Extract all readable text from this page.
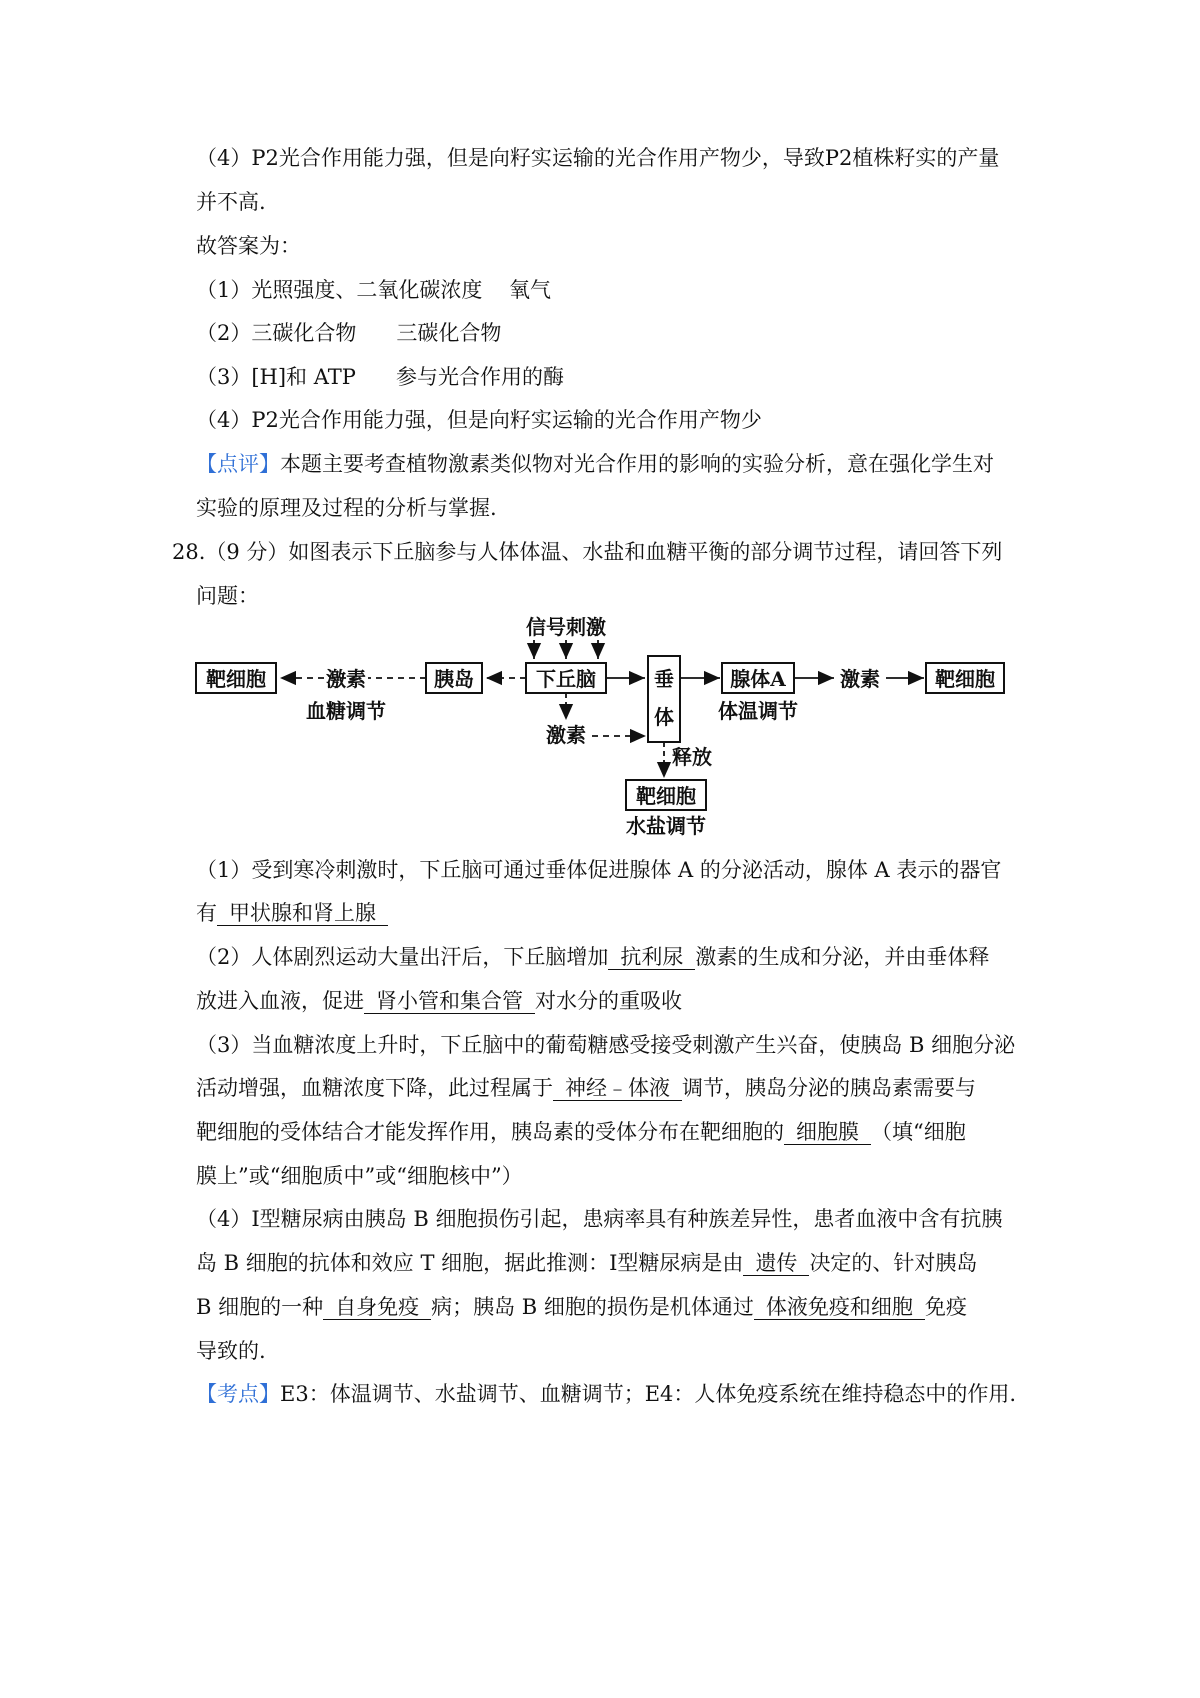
（4）P2光合作用能力强，但是向籽实运输的光合作用产物少，导致P2植株籽实的产量
并不高.
故答案为：
（1）光照强度、二氧化碳浓度    氧气
（2）三碳化合物      三碳化合物
（3）[H]和 ATP      参与光合作用的酶
（4）P2光合作用能力强，但是向籽实运输的光合作用产物少
【点评】本题主要考查植物激素类似物对光合作用的影响的实验分析，意在强化学生对
实验的原理及过程的分析与掌握.
28.（9 分）如图表示下丘脑参与人体体温、水盐和血糖平衡的部分调节过程，请回答下列
问题：
靶细胞	激素
血糖调节
胰岛
信号刺激
下丘脑
激素
垂
体
释放
靶细胞
水盐调节
腺体A
体温调节
激素	靶细胞
（1）受到寒冷刺激时，下丘脑可通过垂体促进腺体 A 的分泌活动，腺体 A 表示的器官
有 甲状腺和肾上腺
（2）人体剧烈运动大量出汗后，下丘脑增加 抗利尿 激素的生成和分泌，并由垂体释
放进入血液，促进 肾小管和集合管 对水分的重吸收
（3）当血糖浓度上升时，下丘脑中的葡萄糖感受接受刺激产生兴奋，使胰岛 B 细胞分泌
活动增强，血糖浓度下降，此过程属于 神经﹣体液 调节，胰岛分泌的胰岛素需要与
靶细胞的受体结合才能发挥作用，胰岛素的受体分布在靶细胞的 细胞膜 （填“细胞
膜上”或“细胞质中”或“细胞核中”）
（4）Ⅰ型糖尿病由胰岛 B 细胞损伤引起，患病率具有种族差异性，患者血液中含有抗胰
岛 B 细胞的抗体和效应 T 细胞，据此推测：Ⅰ型糖尿病是由 遗传 决定的、针对胰岛
B 细胞的一种 自身免疫 病；胰岛 B 细胞的损伤是机体通过 体液免疫和细胞 免疫
导致的.
【考点】E3：体温调节、水盐调节、血糖调节；E4：人体免疫系统在维持稳态中的作用.
